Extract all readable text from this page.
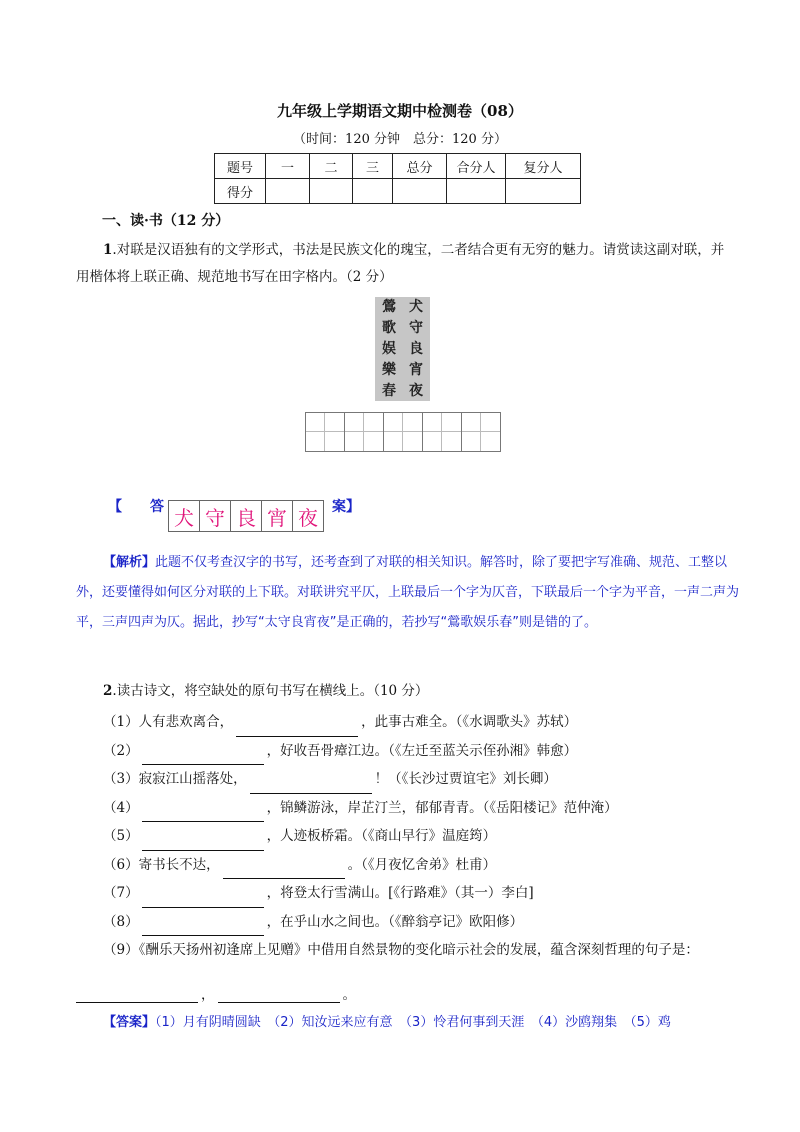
九年级上学期语文期中检测卷（08）
（时间：120 分钟　总分：120 分）
题号	一	二	三	总分	合分人	复分人
得分						
一、读·书（12 分）
1.对联是汉语独有的文学形式，书法是民族文化的瑰宝，二者结合更有无穷的魅力。请赏读这副对联，并用楷体将上联正确、规范地书写在田字格内。（2 分）
鶯
歌
娱
樂
春
犬
守
良
宵
夜
【　　答 犬 守 良 宵 夜	案】
【解析】此题不仅考查汉字的书写，还考查到了对联的相关知识。解答时，除了要把字写准确、规范、工整以外，还要懂得如何区分对联的上下联。对联讲究平仄，上联最后一个字为仄音，下联最后一个字为平音，一声二声为平，三声四声为仄。据此，抄写“太守良宵夜”是正确的，若抄写“鶯歌娱乐春”则是错的了。
2.读古诗文，将空缺处的原句书写在横线上。（10 分）
（1）人有悲欢离合，	，此事古难全。（《水调歌头》苏轼）
（2）	，好收吾骨瘴江边。（《左迁至蓝关示侄孙湘》韩愈）
（3）寂寂江山摇落处，	！（《长沙过贾谊宅》刘长卿）
（4）	，锦鳞游泳，岸芷汀兰，郁郁青青。（《岳阳楼记》范仲淹）
（5）	，人迹板桥霜。（《商山早行》温庭筠）
（6）寄书长不达，	。（《月夜忆舍弟》杜甫）
（7）	，将登太行雪满山。[《行路难》（其一）李白]
（8）	，在乎山水之间也。（《醉翁亭记》欧阳修）
（9）《酬乐天扬州初逢席上见赠》中借用自然景物的变化暗示社会的发展，蕴含深刻哲理的句子是：
，	。
【答案】（1）月有阴晴圆缺　（2）知汝远来应有意　（3）怜君何事到天涯　（4）沙鸥翔集　（5）鸡
